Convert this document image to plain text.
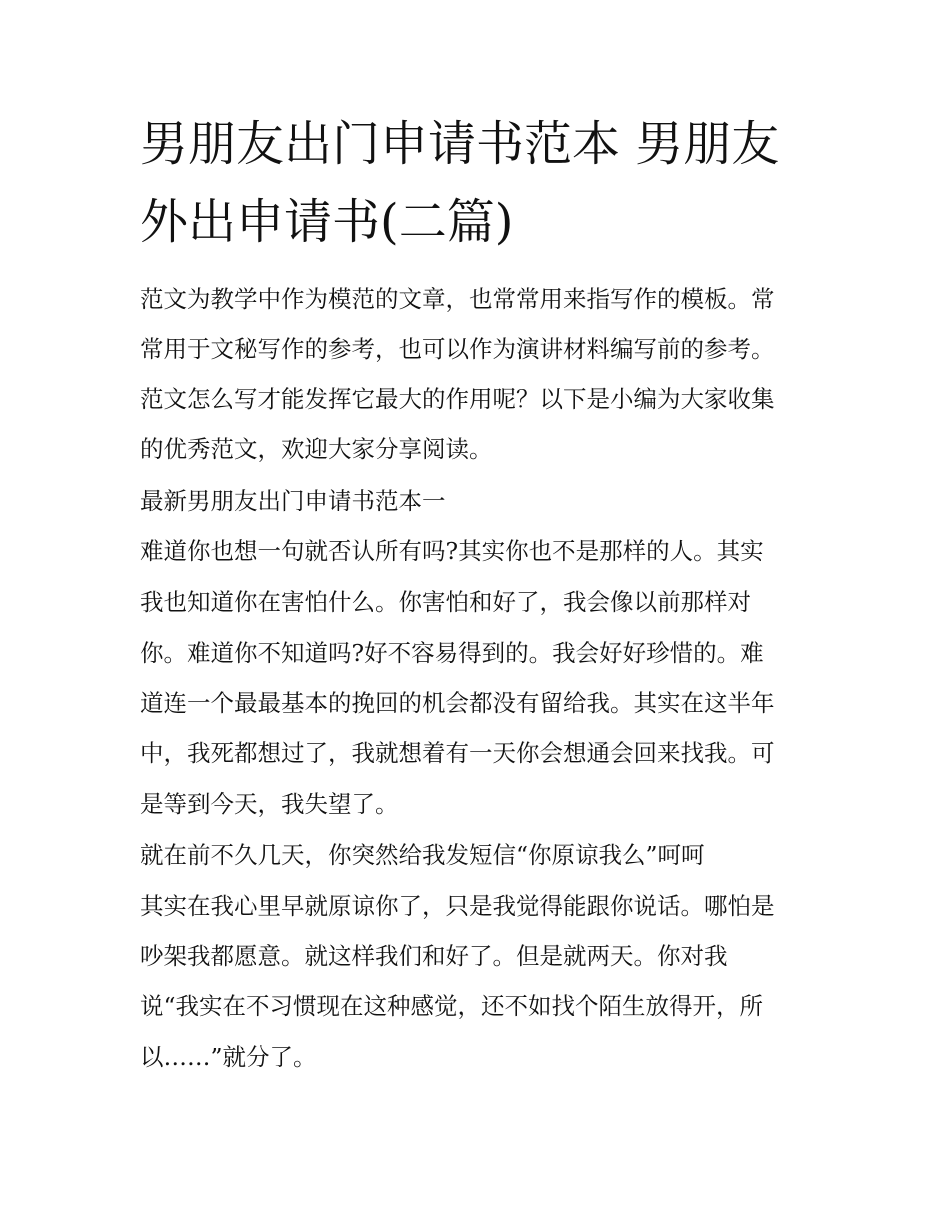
男朋友出门申请书范本 男朋友
外出申请书(二篇)

范文为教学中作为模范的文章，也常常用来指写作的模板。常

常用于文秘写作的参考，也可以作为演讲材料编写前的参考。

范文怎么写才能发挥它最大的作用呢？以下是小编为大家收集

的优秀范文，欢迎大家分享阅读。

最新男朋友出门申请书范本一

难道你也想一句就否认所有吗?其实你也不是那样的人。其实

我也知道你在害怕什么。你害怕和好了，我会像以前那样对

你。难道你不知道吗?好不容易得到的。我会好好珍惜的。难

道连一个最最基本的挽回的机会都没有留给我。其实在这半年

中，我死都想过了，我就想着有一天你会想通会回来找我。可

是等到今天，我失望了。

就在前不久几天，你突然给我发短信“你原谅我么”呵呵

其实在我心里早就原谅你了，只是我觉得能跟你说话。哪怕是

吵架我都愿意。就这样我们和好了。但是就两天。你对我

说“我实在不习惯现在这种感觉，还不如找个陌生放得开，所

以……”就分了。
